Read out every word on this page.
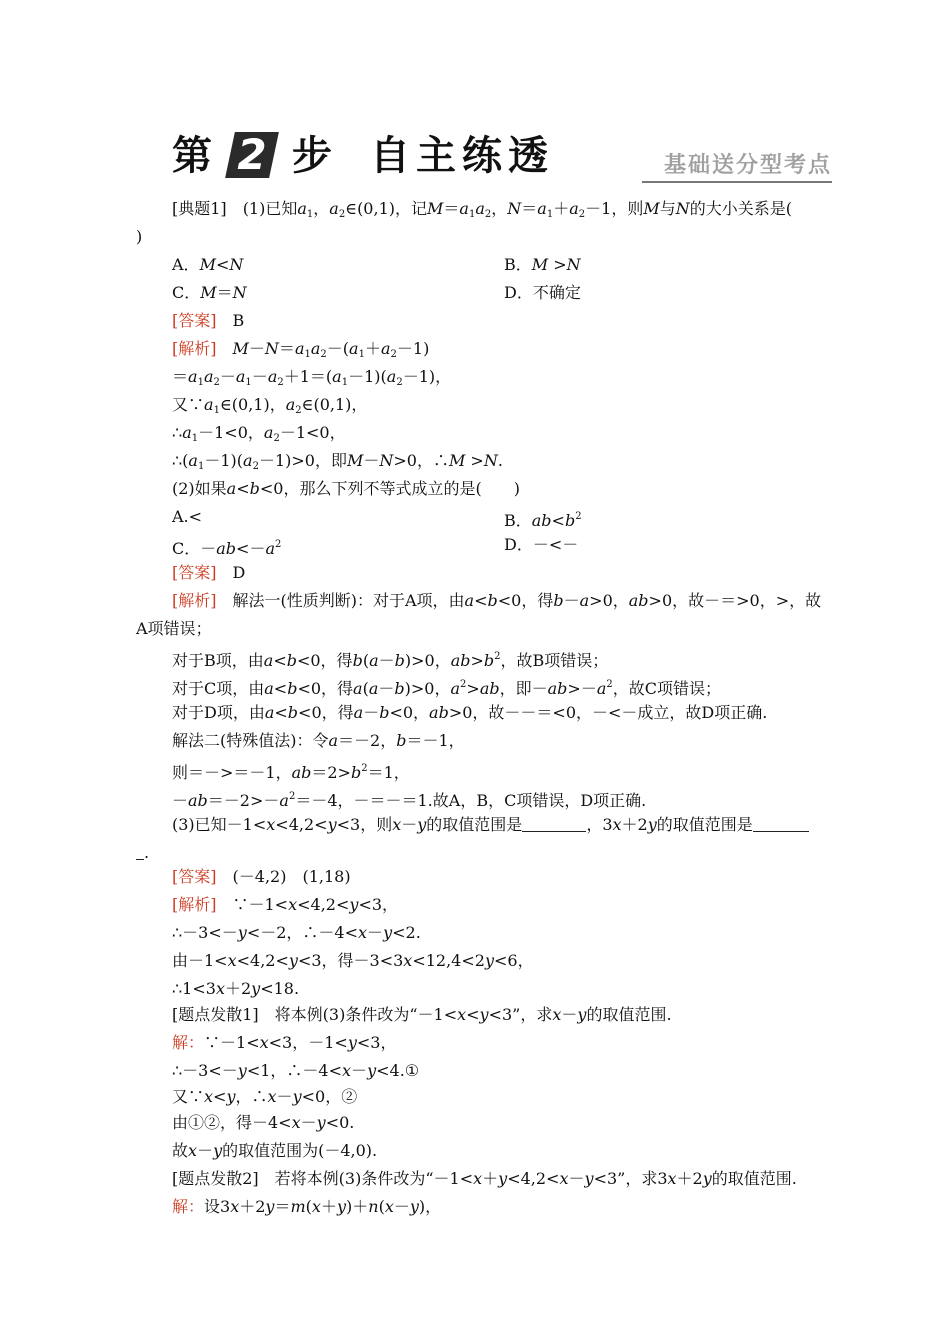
第 2 步 自主练透	基础送分型考点
[典题1]　 (1)已知$a_1$，$a_2\in(0,1)$，记$M=a_1a_2$，$N=a_1+a_2-1$，则M与N的大小关系是(
)
A．M<N	B．M >N
C．M＝N	D．不确定
[答案]　 B
[解析]　 $M-N=a_1a_2-(a_1+a_2-1)$
$=a_1a_2-a_1-a_2+1=(a_1-1)(a_2-1)$，
又$\because a_1\in(0,1)$，$a_2\in(0,1)$，
$\therefore a_1-1<0$，$a_2-1<0$，
$\therefore(a_1-1)(a_2-1)>0$，即M－N>0，∴M >N.
(2)如果a<b<0，那么下列不等式成立的是(　　)
A.<	B．$ab<b^2$
C．$-ab<-a^2$	D．－<－
[答案]　 D
[解析]　解法一(性质判断)：对于A项，由a<b<0，得b－a>0，ab>0，故－＝>0，>，故
A项错误；
对于B项，由a<b<0，得b(a－b)>0，$ab>b^2$，故B项错误；
对于C项，由a<b<0，得a(a－b)>0，$a^2>ab$，即$-ab>-a^2$，故C项错误；
对于D项，由a<b<0，得a－b<0，ab>0，故－－＝<0，－<－成立，故D项正确.
解法二(特殊值法)：令a＝－2，b＝－1，
则＝－>＝－1，$ab=2>b^2=1$，
$-ab=-2>-a^2=-4$，－＝－＝1.故A，B，C项错误，D项正确.
(3)已知－1<x<4,2<y<3，则x－y的取值范围是	，3x＋2y的取值范围是
.
[答案]　 (－4,2)　(1,18)
[解析]　∵－1<x<4,2<y<3，
∴－3<－y<－2，∴－4<x－y<2.
由－1<x<4,2<y<3，得－3<3x<12,4<2y<6，
∴1<3x＋2y<18.
[题点发散1]　将本例(3)条件改为“－1<x<y<3”，求x－y的取值范围.
解：∵－1<x<3，－1<y<3，
∴－3<－y<1，∴－4<x－y<4.①
又∵x<y，∴x－y<0，②
由①②，得－4<x－y<0.
故x－y的取值范围为(－4,0).
[题点发散2]　若将本例(3)条件改为“－1<x＋y<4,2<x－y<3”，求3x＋2y的取值范围.
解：设3x＋2y＝m(x＋y)＋n(x－y)，
